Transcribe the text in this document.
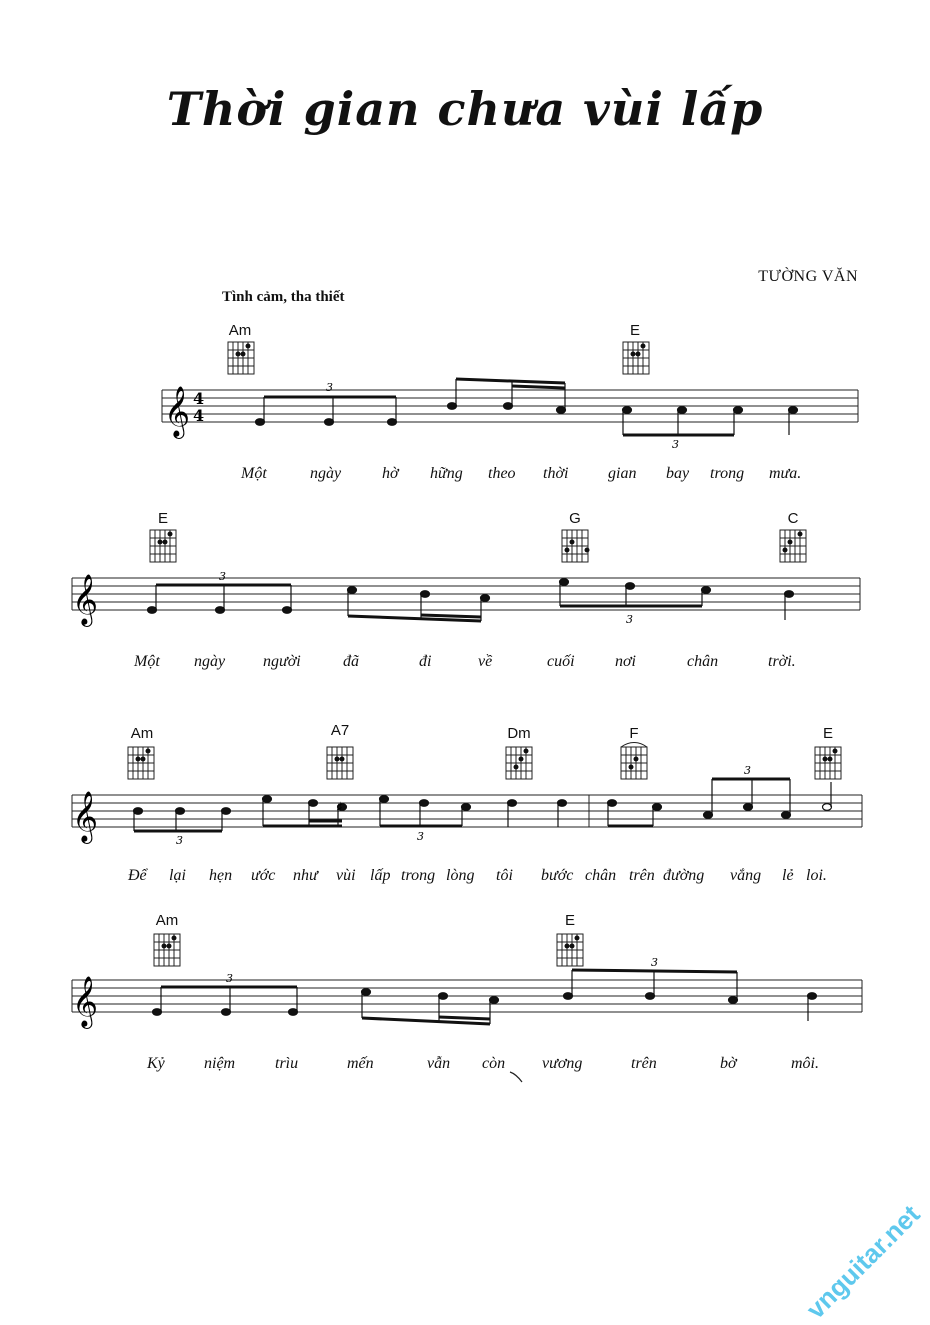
Thời gian chưa vùi lấp
TƯỜNG VĂN
Tình cảm, tha thiết
Am	E
𝄞 4
4
3
3
Một	ngày	hờ hững theo thời gian bay trong mưa.
E	G	C
𝄞	3
3
Một ngày người	đã	đi	về	cuối	nơi	chân	trời.
Am	A7	Dm	F	E
𝄞	3	3
3
♯
Để lại hẹn ước như vùi lấp trong lòng tôi bước chân trên đường vắng lẻ loi.
Am	E
𝄞	3
3
Kỷ niệm trìu	mến	vẫn còn vương	trên	bờ	môi.
vnguitar.net
